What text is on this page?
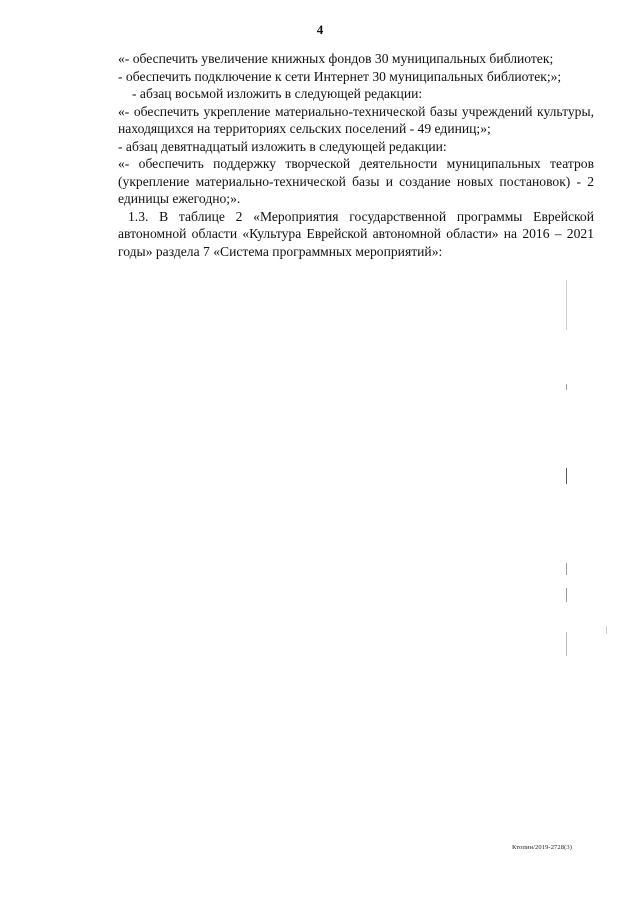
4

«- обеспечить увеличение книжных фондов 30 муниципальных библиотек;

- обеспечить подключение к сети Интернет 30 муниципальных библиотек;»;

- абзац восьмой изложить в следующей редакции:

«- обеспечить укрепление материально-технической базы учреждений культуры, находящихся на территориях сельских поселений - 49 единиц;»;

- абзац девятнадцатый изложить в следующей редакции:

«- обеспечить поддержку творческой деятельности муниципальных театров (укрепление материально-технической базы и создание новых постановок) - 2 единицы ежегодно;».

1.3. В таблице 2 «Мероприятия государственной программы Еврейской автономной области «Культура Еврейской автономной области» на 2016 – 2021 годы» раздела 7 «Система программных мероприятий»:

Ктопин/2019-2728(3)
